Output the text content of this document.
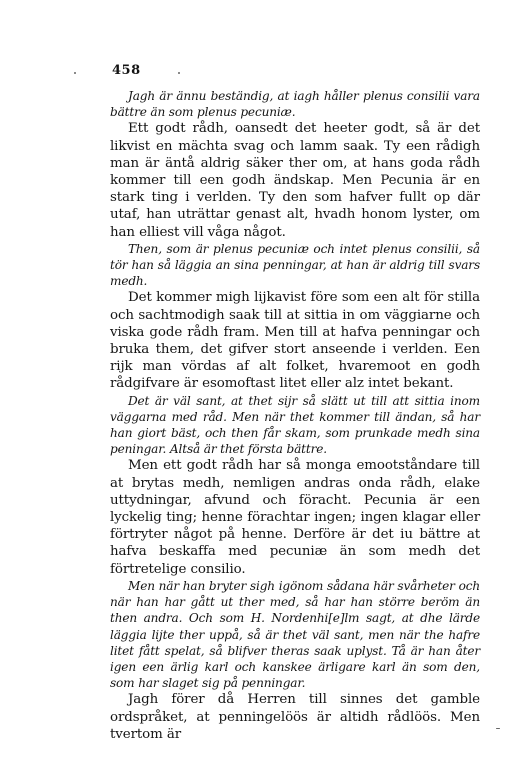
458

Jagh är ännu beständig, at iagh håller plenus consilii vara bättre än som plenus pecuniæ.

Ett godt rådh, oansedt det heeter godt, så är det likvist en mächta svag och lamm saak. Ty een rådigh man är äntå aldrig säker ther om, at hans goda rådh kommer till een godh ändskap. Men Pecunia är en stark ting i verlden. Ty den som hafver fullt op där utaf, han uträttar genast alt, hvadh honom lyster, om han elliest vill våga något.

Then, som är plenus pecuniæ och intet plenus consilii, så tör han så läggia an sina penningar, at han är aldrig till svars medh.

Det kommer migh lijkavist före som een alt för stilla och sachtmodigh saak till at sittia in om väggiarne och viska gode rådh fram. Men till at hafva penningar och bruka them, det gifver stort anseende i verlden. Een rijk man vördas af alt folket, hvaremoot en godh rådgifvare är esomoftast litet eller alz intet bekant.

Det är väl sant, at thet sijr så slätt ut till att sittia inom väggarna med råd. Men när thet kommer till ändan, så har han giort bäst, och then får skam, som prunkade medh sina peningar. Altså är thet första bättre.

Men ett godt rådh har så monga emootståndare till at brytas medh, nemligen andras onda rådh, elake uttydningar, afvund och föracht. Pecunia är een lyckelig ting; henne förachtar ingen; ingen klagar eller förtryter något på henne. Derföre är det iu bättre at hafva beskaffa med pecuniæ än som medh det förtretelige consilio.

Men när han bryter sigh igönom sådana här svårheter och när han har gått ut ther med, så har han större beröm än then andra. Och som H. Nordenhi[e]lm sagt, at dhe lärde läggia lijte ther uppå, så är thet väl sant, men när the hafre litet fått spelat, så blifver theras saak uplyst. Tå är han åter igen een ärlig karl och kanskee ärligare karl än som den, som har slaget sig på penningar.

Jagh förer då Herren till sinnes det gamble ordspråket, at penningelöös är altidh rådlöös. Men tvertom är
